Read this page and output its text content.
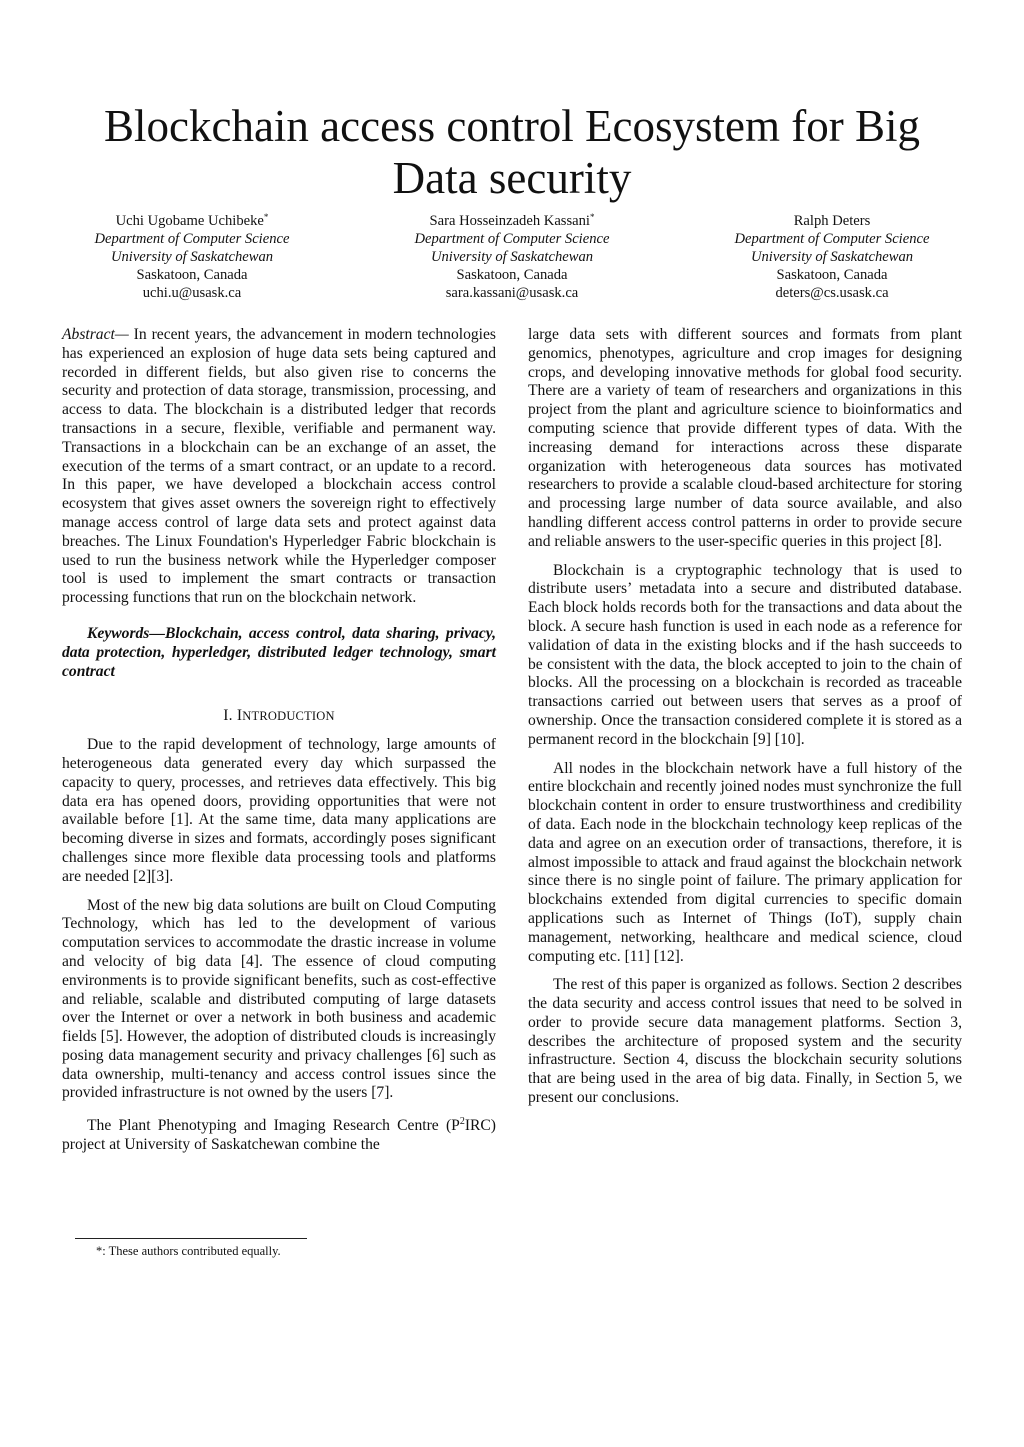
Blockchain access control Ecosystem for Big Data security
Uchi Ugobame Uchibeke*
Department of Computer Science
University of Saskatchewan
Saskatoon, Canada
uchi.u@usask.ca
Sara Hosseinzadeh Kassani*
Department of Computer Science
University of Saskatchewan
Saskatoon, Canada
sara.kassani@usask.ca
Ralph Deters
Department of Computer Science
University of Saskatchewan
Saskatoon, Canada
deters@cs.usask.ca

Abstract— In recent years, the advancement in modern technologies has experienced an explosion of huge data sets being captured and recorded in different fields, but also given rise to concerns the security and protection of data storage, transmission, processing, and access to data. The blockchain is a distributed ledger that records transactions in a secure, flexible, verifiable and permanent way. Transactions in a blockchain can be an exchange of an asset, the execution of the terms of a smart contract, or an update to a record. In this paper, we have developed a blockchain access control ecosystem that gives asset owners the sovereign right to effectively manage access control of large data sets and protect against data breaches. The Linux Foundation's Hyperledger Fabric blockchain is used to run the business network while the Hyperledger composer tool is used to implement the smart contracts or transaction processing functions that run on the blockchain network.

Keywords—Blockchain, access control, data sharing, privacy, data protection, hyperledger, distributed ledger technology, smart contract

I. INTRODUCTION

Due to the rapid development of technology, large amounts of heterogeneous data generated every day which surpassed the capacity to query, processes, and retrieves data effectively. This big data era has opened doors, providing opportunities that were not available before [1]. At the same time, data many applications are becoming diverse in sizes and formats, accordingly poses significant challenges since more flexible data processing tools and platforms are needed [2][3].

Most of the new big data solutions are built on Cloud Computing Technology, which has led to the development of various computation services to accommodate the drastic increase in volume and velocity of big data [4]. The essence of cloud computing environments is to provide significant benefits, such as cost-effective and reliable, scalable and distributed computing of large datasets over the Internet or over a network in both business and academic fields [5]. However, the adoption of distributed clouds is increasingly posing data management security and privacy challenges [6] such as data ownership, multi-tenancy and access control issues since the provided infrastructure is not owned by the users [7].

The Plant Phenotyping and Imaging Research Centre $(P^2IRC)$ project at University of Saskatchewan combine the

large data sets with different sources and formats from plant genomics, phenotypes, agriculture and crop images for designing crops, and developing innovative methods for global food security. There are a variety of team of researchers and organizations in this project from the plant and agriculture science to bioinformatics and computing science that provide different types of data. With the increasing demand for interactions across these disparate organization with heterogeneous data sources has motivated researchers to provide a scalable cloud-based architecture for storing and processing large number of data source available, and also handling different access control patterns in order to provide secure and reliable answers to the user-specific queries in this project [8].

Blockchain is a cryptographic technology that is used to distribute users’ metadata into a secure and distributed database. Each block holds records both for the transactions and data about the block. A secure hash function is used in each node as a reference for validation of data in the existing blocks and if the hash succeeds to be consistent with the data, the block accepted to join to the chain of blocks. All the processing on a blockchain is recorded as traceable transactions carried out between users that serves as a proof of ownership. Once the transaction considered complete it is stored as a permanent record in the blockchain [9] [10].

All nodes in the blockchain network have a full history of the entire blockchain and recently joined nodes must synchronize the full blockchain content in order to ensure trustworthiness and credibility of data. Each node in the blockchain technology keep replicas of the data and agree on an execution order of transactions, therefore, it is almost impossible to attack and fraud against the blockchain network since there is no single point of failure. The primary application for blockchains extended from digital currencies to specific domain applications such as Internet of Things (IoT), supply chain management, networking, healthcare and medical science, cloud computing etc. [11] [12].

The rest of this paper is organized as follows. Section 2 describes the data security and access control issues that need to be solved in order to provide secure data management platforms. Section 3, describes the architecture of proposed system and the security infrastructure. Section 4, discuss the blockchain security solutions that are being used in the area of big data. Finally, in Section 5, we present our conclusions.

*: These authors contributed equally.
